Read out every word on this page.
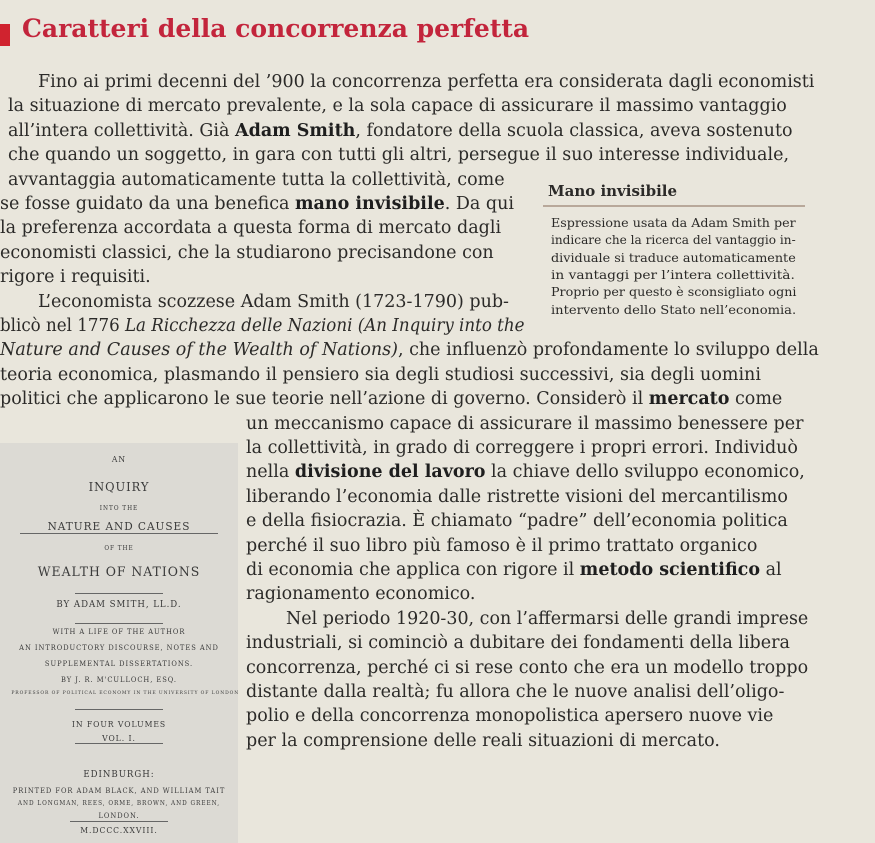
Caratteri della concorrenza perfetta
Fino ai primi decenni del ’900 la concorrenza perfetta era considerata dagli economisti
la situazione di mercato prevalente, e la sola capace di assicurare il massimo vantaggio
all’intera collettività. Già Adam Smith, fondatore della scuola classica, aveva sostenuto
che quando un soggetto, in gara con tutti gli altri, persegue il suo interesse individuale,
avvantaggia automaticamente tutta la collettività, come
se fosse guidato da una benefica mano invisibile. Da qui
la preferenza accordata a questa forma di mercato dagli
economisti classici, che la studiarono precisandone con
rigore i requisiti.
L’economista scozzese Adam Smith (1723-1790) pub-
blicò nel 1776 La Ricchezza delle Nazioni (An Inquiry into the
Nature and Causes of the Wealth of Nations), che influenzò profondamente lo sviluppo della
teoria economica, plasmando il pensiero sia degli studiosi successivi, sia degli uomini
politici che applicarono le sue teorie nell’azione di governo. Considerò il mercato come
un meccanismo capace di assicurare il massimo benessere per
la collettività, in grado di correggere i propri errori. Individuò
nella divisione del lavoro la chiave dello sviluppo economico,
liberando l’economia dalle ristrette visioni del mercantilismo
e della fisiocrazia. È chiamato “padre” dell’economia politica
perché il suo libro più famoso è il primo trattato organico
di economia che applica con rigore il metodo scientifico al
ragionamento economico.
Nel periodo 1920-30, con l’affermarsi delle grandi imprese
industriali, si cominciò a dubitare dei fondamenti della libera
concorrenza, perché ci si rese conto che era un modello troppo
distante dalla realtà; fu allora che le nuove analisi dell’oligo-
polio e della concorrenza monopolistica apersero nuove vie
per la comprensione delle reali situazioni di mercato.
Mano invisibile
Espressione usata da Adam Smith per
indicare che la ricerca del vantaggio in-
dividuale si traduce automaticamente
in vantaggi per l’intera collettività.
Proprio per questo è sconsigliato ogni
intervento dello Stato nell’economia.
AN
INQUIRY
INTO THE
NATURE AND CAUSES
OF THE
WEALTH OF NATIONS
BY ADAM SMITH, LL.D.
WITH A LIFE OF THE AUTHOR
AN INTRODUCTORY DISCOURSE, NOTES AND
SUPPLEMENTAL DISSERTATIONS.
BY J. R. M'CULLOCH, ESQ.
PROFESSOR OF POLITICAL ECONOMY IN THE UNIVERSITY OF LONDON
IN FOUR VOLUMES
VOL. I.
EDINBURGH:
PRINTED FOR ADAM BLACK, AND WILLIAM TAIT
AND LONGMAN, REES, ORME, BROWN, AND GREEN,
LONDON.
M.DCCC.XXVIII.
